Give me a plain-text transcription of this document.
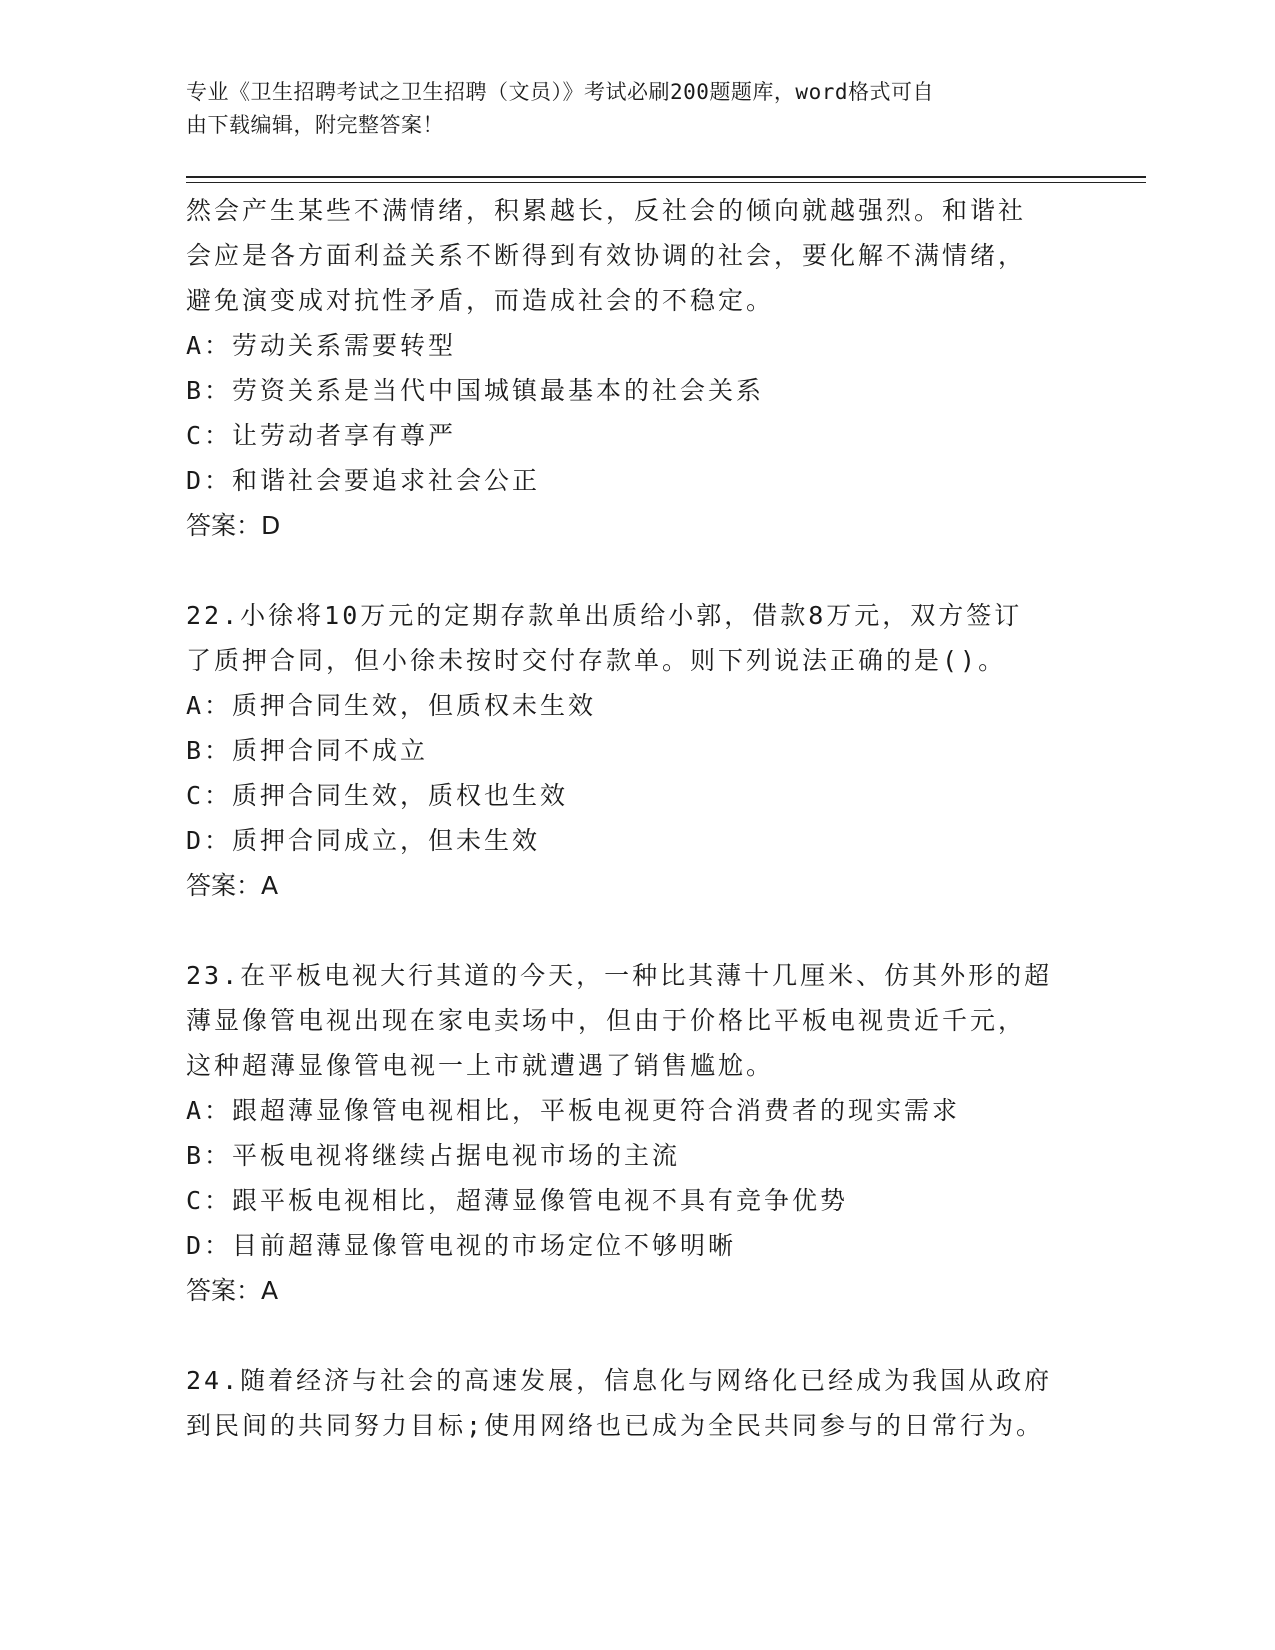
专业《卫生招聘考试之卫生招聘（文员）》考试必刷200题题库，word格式可自
由下载编辑，附完整答案！
然会产生某些不满情绪，积累越长，反社会的倾向就越强烈。和谐社
会应是各方面利益关系不断得到有效协调的社会，要化解不满情绪，
避免演变成对抗性矛盾，而造成社会的不稳定。
A：劳动关系需要转型
B：劳资关系是当代中国城镇最基本的社会关系
C：让劳动者享有尊严
D：和谐社会要追求社会公正
答案：D
22.小徐将10万元的定期存款单出质给小郭，借款8万元，双方签订
了质押合同，但小徐未按时交付存款单。则下列说法正确的是()。
A：质押合同生效，但质权未生效
B：质押合同不成立
C：质押合同生效，质权也生效
D：质押合同成立，但未生效
答案：A
23.在平板电视大行其道的今天，一种比其薄十几厘米、仿其外形的超
薄显像管电视出现在家电卖场中，但由于价格比平板电视贵近千元，
这种超薄显像管电视一上市就遭遇了销售尴尬。
A：跟超薄显像管电视相比，平板电视更符合消费者的现实需求
B：平板电视将继续占据电视市场的主流
C：跟平板电视相比，超薄显像管电视不具有竞争优势
D：目前超薄显像管电视的市场定位不够明晰
答案：A
24.随着经济与社会的高速发展，信息化与网络化已经成为我国从政府
到民间的共同努力目标;使用网络也已成为全民共同参与的日常行为。
